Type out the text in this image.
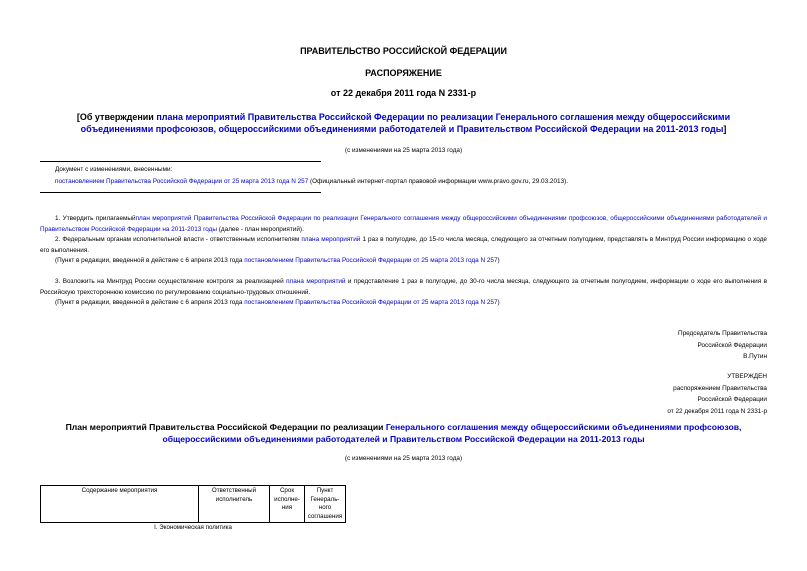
ПРАВИТЕЛЬСТВО РОССИЙСКОЙ ФЕДЕРАЦИИ
РАСПОРЯЖЕНИЕ
от 22 декабря 2011 года N 2331-р
[Об утверждении плана мероприятий Правительства Российской Федерации по реализации Генерального соглашения между общероссийскими объединениями профсоюзов, общероссийскими объединениями работодателей и Правительством Российской Федерации на 2011-2013 годы]
(с изменениями на 25 марта 2013 года)
Документ с изменениями, внесенными:
постановлением Правительства Российской Федерации от 25 марта 2013 года N 257 (Официальный интернет-портал правовой информации www.pravo.gov.ru, 29.03.2013).
1. Утвердить прилагаемыйплан мероприятий Правительства Российской Федерации по реализации Генерального соглашения между общероссийскими объединениями профсоюзов, общероссийскими объединениями работодателей и Правительством Российской Федерации на 2011-2013 годы (далее - план мероприятий).
2. Федеральным органам исполнительной власти - ответственным исполнителям плана мероприятий 1 раз в полугодие, до 15-го числа месяца, следующего за отчетным полугодием, представлять в Минтруд России информацию о ходе его выполнения.
(Пункт в редакции, введенной в действие с 6 апреля 2013 года постановлением Правительства Российской Федерации от 25 марта 2013 года N 257)
3. Возложить на Минтруд России осуществление контроля за реализацией плана мероприятий и представление 1 раз в полугодие, до 30-го числа месяца, следующего за отчетным полугодием, информации о ходе его выполнения в Российскую трехстороннюю комиссию по регулированию социально-трудовых отношений.
(Пункт в редакции, введенной в действие с 6 апреля 2013 года постановлением Правительства Российской Федерации от 25 марта 2013 года N 257)
Председатель Правительства
Российской Федерации
В.Путин
УТВЕРЖДЕН
распоряжением Правительства
Российской Федерации
от 22 декабря 2011 года N 2331-р
План мероприятий Правительства Российской Федерации по реализации Генерального соглашения между общероссийскими объединениями профсоюзов, общероссийскими объединениями работодателей и Правительством Российской Федерации на 2011-2013 годы
(с изменениями на 25 марта 2013 года)
Содержание мероприятия	Ответственный исполнитель	Срок исполне-ния	Пункт Генераль-ного соглашения
I. Экономическая политика
